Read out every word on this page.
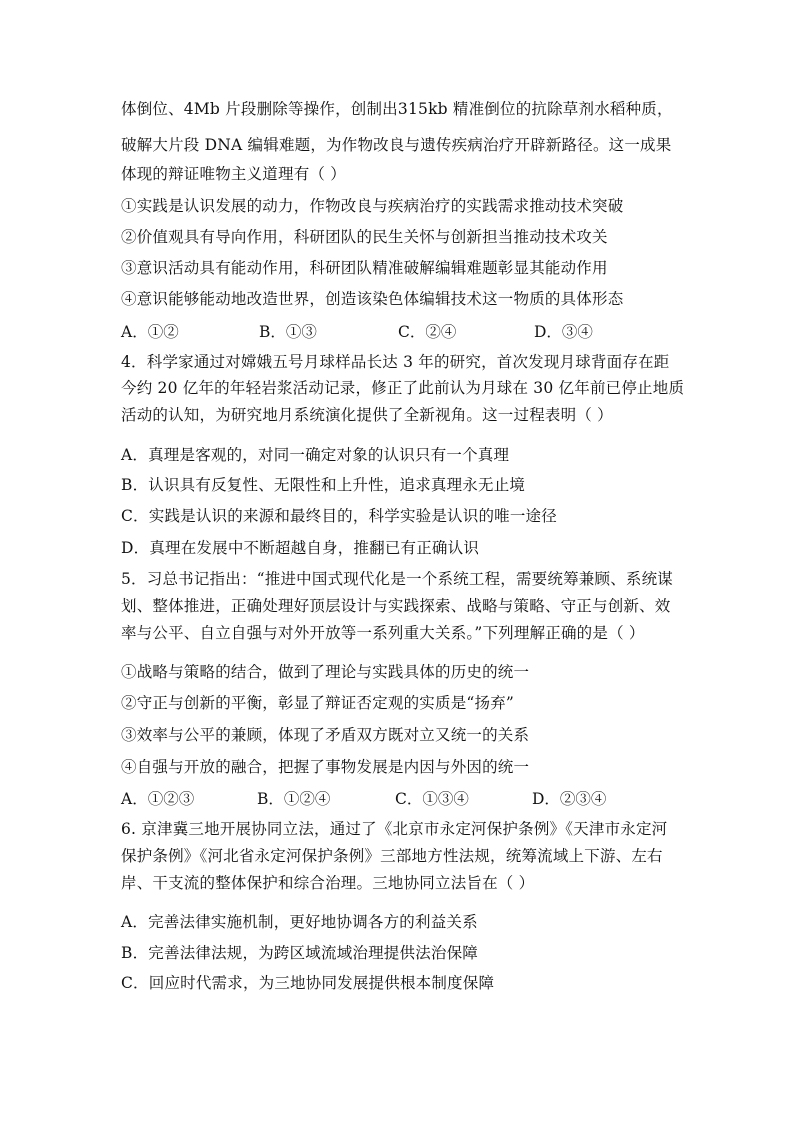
体倒位、4Mb 片段删除等操作，创制出315kb 精准倒位的抗除草剂水稻种质，
破解大片段 DNA 编辑难题，为作物改良与遗传疾病治疗开辟新路径。这一成果
体现的辩证唯物主义道理有（ ）
①实践是认识发展的动力，作物改良与疾病治疗的实践需求推动技术突破
②价值观具有导向作用，科研团队的民生关怀与创新担当推动技术攻关
③意识活动具有能动作用，科研团队精准破解编辑难题彰显其能动作用
④意识能够能动地改造世界，创造该染色体编辑技术这一物质的具体形态
A．①②	B．①③	C．②④	D．③④
4．科学家通过对嫦娥五号月球样品长达 3 年的研究，首次发现月球背面存在距
今约 20 亿年的年轻岩浆活动记录，修正了此前认为月球在 30 亿年前已停止地质
活动的认知，为研究地月系统演化提供了全新视角。这一过程表明（ ）
A．真理是客观的，对同一确定对象的认识只有一个真理
B．认识具有反复性、无限性和上升性，追求真理永无止境
C．实践是认识的来源和最终目的，科学实验是认识的唯一途径
D．真理在发展中不断超越自身，推翻已有正确认识
5．习总书记指出：“推进中国式现代化是一个系统工程，需要统筹兼顾、系统谋
划、整体推进，正确处理好顶层设计与实践探索、战略与策略、守正与创新、效
率与公平、自立自强与对外开放等一系列重大关系。”下列理解正确的是（ ）
①战略与策略的结合，做到了理论与实践具体的历史的统一
②守正与创新的平衡，彰显了辩证否定观的实质是“扬弃”
③效率与公平的兼顾，体现了矛盾双方既对立又统一的关系
④自强与开放的融合，把握了事物发展是内因与外因的统一
A．①②③	B．①②④	C．①③④	D．②③④
6. 京津冀三地开展协同立法，通过了《北京市永定河保护条例》《天津市永定河
保护条例》《河北省永定河保护条例》三部地方性法规，统筹流域上下游、左右
岸、干支流的整体保护和综合治理。三地协同立法旨在（ ）
A．完善法律实施机制，更好地协调各方的利益关系
B．完善法律法规，为跨区域流域治理提供法治保障
C．回应时代需求，为三地协同发展提供根本制度保障
